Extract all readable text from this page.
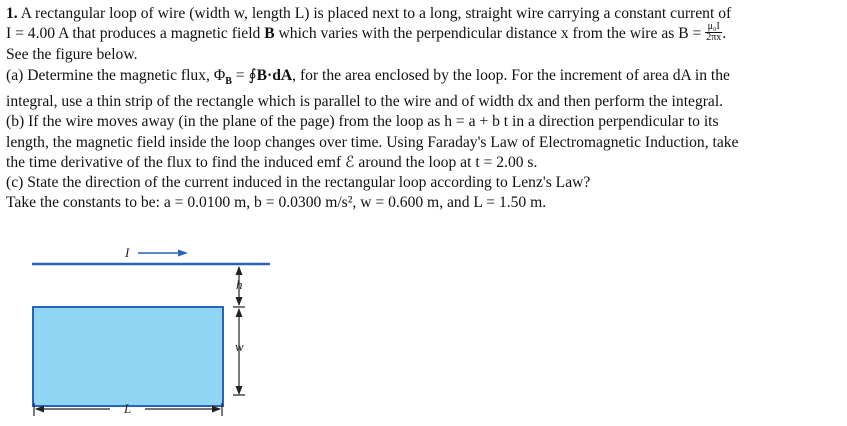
1. A rectangular loop of wire (width w, length L) is placed next to a long, straight wire carrying a constant current of
I = 4.00 A that produces a magnetic field B which varies with the perpendicular distance x from the wire as $B = \frac{\text{μ₀I}}{2\pi x}$ .
See the figure below.
(a) Determine the magnetic flux, $\Phi_B$ = ∮B·dA, for the area enclosed by the loop. For the increment of area dA in the
integral, use a thin strip of the rectangle which is parallel to the wire and of width dx and then perform the integral.
(b) If the wire moves away (in the plane of the page) from the loop as h = a + b t in a direction perpendicular to its
length, the magnetic field inside the loop changes over time. Using Faraday's Law of Electromagnetic Induction, take
the time derivative of the flux to find the induced emf ℰ around the loop at t = 2.00 s.
(c) State the direction of the current induced in the rectangular loop according to Lenz's Law?
Take the constants to be: a = 0.0100 m, b = 0.0300 m/s², w = 0.600 m, and L = 1.50 m.
I
h
w
L
